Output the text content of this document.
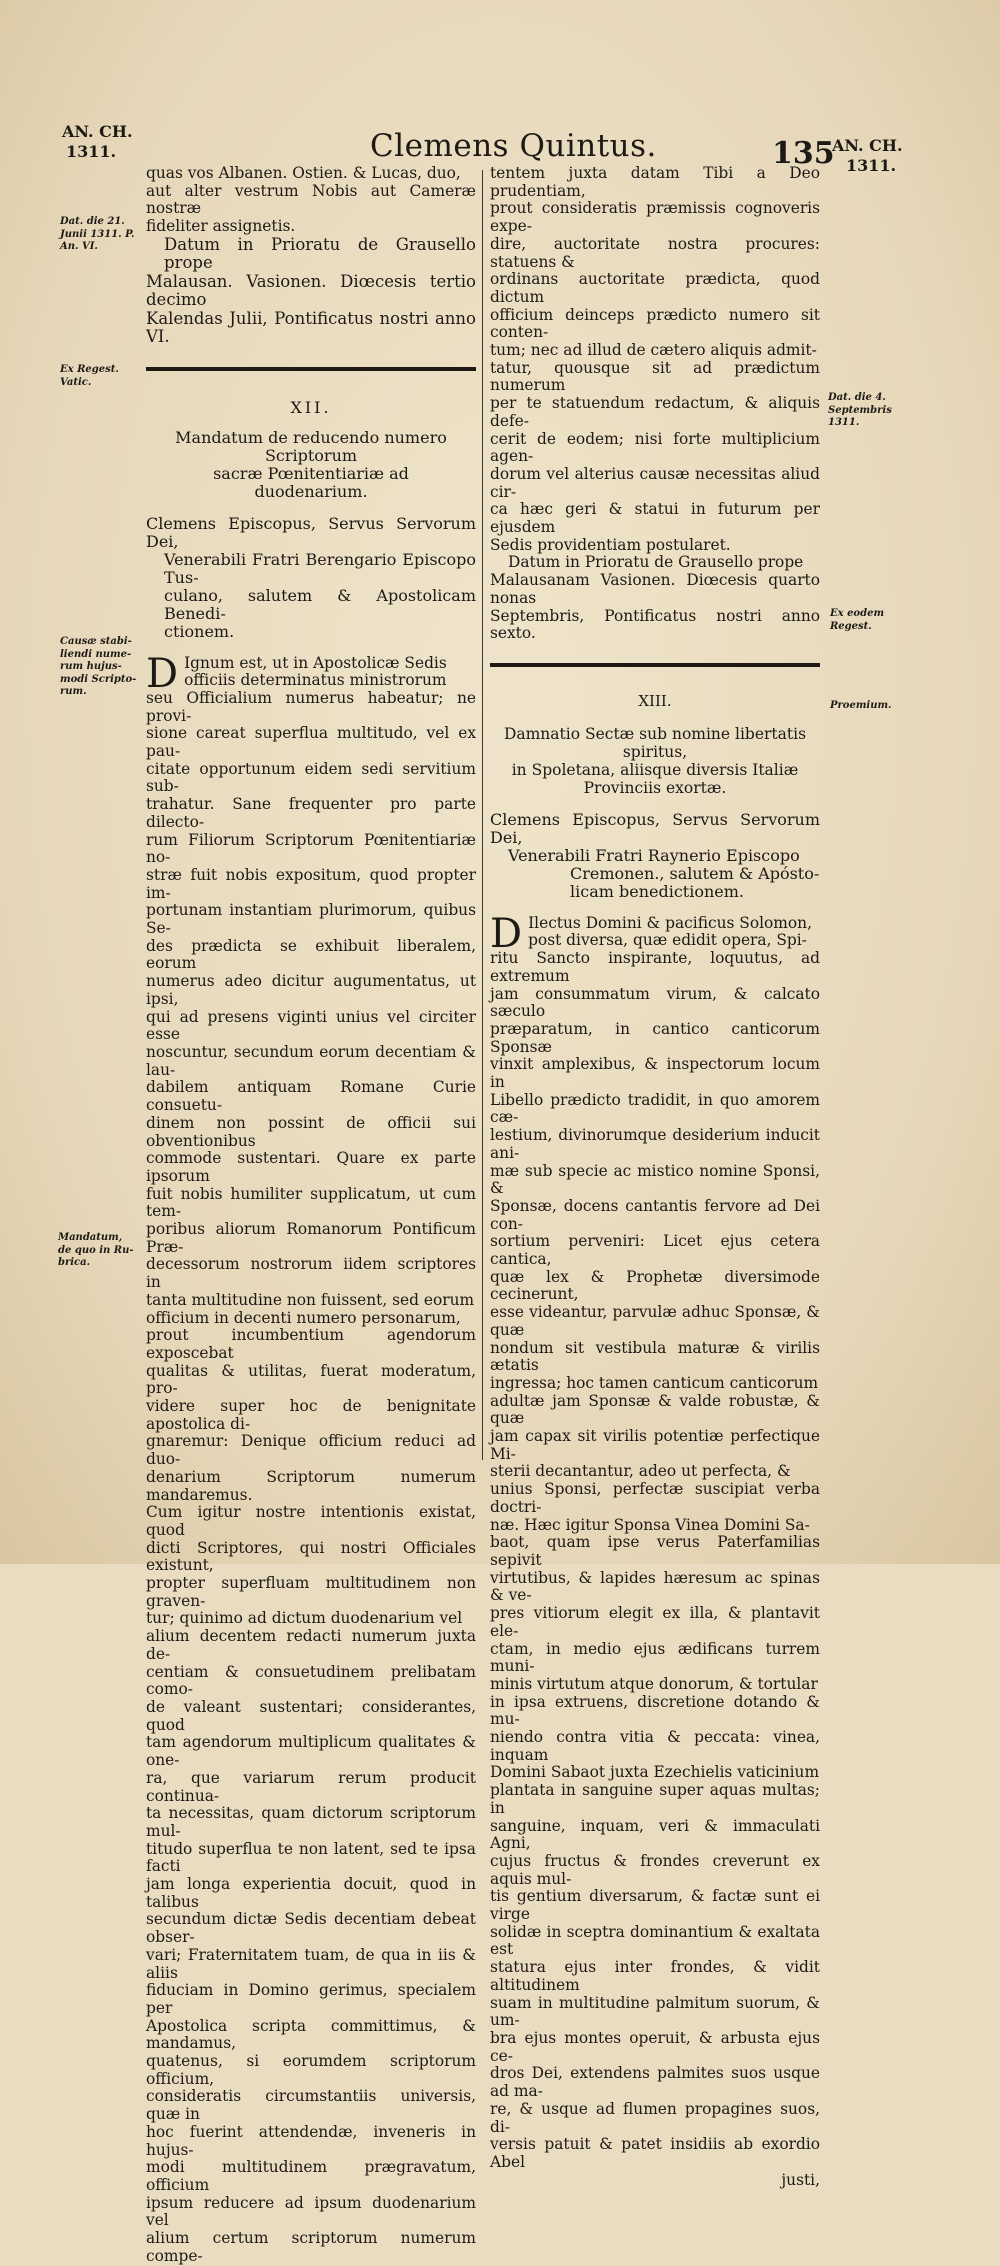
AN. CH.
1311.	Clemens Quintus.	135
AN. CH.
1311.
quas vos Albanen. Ostien. & Lucas, duo,
aut alter vestrum Nobis aut Cameræ nostræ
fideliter assignetis.
Datum in Prioratu de Grausello prope
Malausan. Vasionen. Diœcesis tertio decimo
Kalendas Julii, Pontificatus nostri anno VI.
XII.
Mandatum de reducendo numero Scriptorum
sacræ Pœnitentiariæ ad
duodenarium.
Clemens Episcopus, Servus Servorum Dei,
Venerabili Fratri Berengario Episcopo Tus-
culano, salutem & Apostolicam Benedi-
ctionem.
D Ignum est, ut in Apostolicæ Sedis
officiis determinatus ministrorum
seu Officialium numerus habeatur; ne provi-
sione careat superflua multitudo, vel ex pau-
citate opportunum eidem sedi servitium sub-
trahatur. Sane frequenter pro parte dilecto-
rum Filiorum Scriptorum Pœnitentiariæ no-
stræ fuit nobis expositum, quod propter im-
portunam instantiam plurimorum, quibus Se-
des prædicta se exhibuit liberalem, eorum
numerus adeo dicitur augumentatus, ut ipsi,
qui ad presens viginti unius vel circiter esse
noscuntur, secundum eorum decentiam & lau-
dabilem antiquam Romane Curie consuetu-
dinem non possint de officii sui obventionibus
commode sustentari. Quare ex parte ipsorum
fuit nobis humiliter supplicatum, ut cum tem-
poribus aliorum Romanorum Pontificum Præ-
decessorum nostrorum iidem scriptores in
tanta multitudine non fuissent, sed eorum
officium in decenti numero personarum,
prout incumbentium agendorum exposcebat
qualitas & utilitas, fuerat moderatum, pro-
videre super hoc de benignitate apostolica di-
gnaremur: Denique officium reduci ad duo-
denarium Scriptorum numerum mandaremus.
Cum igitur nostre intentionis existat, quod
dicti Scriptores, qui nostri Officiales existunt,
propter superfluam multitudinem non graven-
tur; quinimo ad dictum duodenarium vel
alium decentem redacti numerum juxta de-
centiam & consuetudinem prelibatam como-
de valeant sustentari; considerantes, quod
tam agendorum multiplicum qualitates & one-
ra, que variarum rerum producit continua-
ta necessitas, quam dictorum scriptorum mul-
titudo superflua te non latent, sed te ipsa facti
jam longa experientia docuit, quod in talibus
secundum dictæ Sedis decentiam debeat obser-
vari; Fraternitatem tuam, de qua in iis & aliis
fiduciam in Domino gerimus, specialem per
Apostolica scripta committimus, & mandamus,
quatenus, si eorumdem scriptorum officium,
consideratis circumstantiis universis, quæ in
hoc fuerint attendendæ, inveneris in hujus-
modi multitudinem prægravatum, officium
ipsum reducere ad ipsum duodenarium vel
alium certum scriptorum numerum compe-
tentem juxta datam Tibi a Deo prudentiam,
prout consideratis præmissis cognoveris expe-
dire, auctoritate nostra procures: statuens &
ordinans auctoritate prædicta, quod dictum
officium deinceps prædicto numero sit conten-
tum; nec ad illud de cætero aliquis admit-
tatur, quousque sit ad prædictum numerum
per te statuendum redactum, & aliquis defe-
cerit de eodem; nisi forte multiplicium agen-
dorum vel alterius causæ necessitas aliud cir-
ca hæc geri & statui in futurum per ejusdem
Sedis providentiam postularet.
Datum in Prioratu de Grausello prope
Malausanam Vasionen. Diœcesis quarto nonas
Septembris, Pontificatus nostri anno sexto.
XIII.
Damnatio Sectæ sub nomine libertatis spiritus,
in Spoletana, aliisque diversis Italiæ
Provinciis exortæ.
Clemens Episcopus, Servus Servorum Dei,
Venerabili Fratri Raynerio Episcopo
Cremonen., salutem & Apósto-
licam benedictionem.
D Ilectus Domini & pacificus Solomon,
post diversa, quæ edidit opera, Spi-
ritu Sancto inspirante, loquutus, ad extremum
jam consummatum virum, & calcato sæculo
præparatum, in cantico canticorum Sponsæ
vinxit amplexibus, & inspectorum locum in
Libello prædicto tradidit, in quo amorem cæ-
lestium, divinorumque desiderium inducit ani-
mæ sub specie ac mistico nomine Sponsi, &
Sponsæ, docens cantantis fervore ad Dei con-
sortium perveniri: Licet ejus cetera cantica,
quæ lex & Prophetæ diversimode cecinerunt,
esse videantur, parvulæ adhuc Sponsæ, & quæ
nondum sit vestibula maturæ & virilis ætatis
ingressa; hoc tamen canticum canticorum
adultæ jam Sponsæ & valde robustæ, & quæ
jam capax sit virilis potentiæ perfectique Mi-
sterii decantantur, adeo ut perfecta, &
unius Sponsi, perfectæ suscipiat verba doctri-
næ. Hæc igitur Sponsa Vinea Domini Sa-
baot, quam ipse verus Paterfamilias sepivit
virtutibus, & lapides hæresum ac spinas & ve-
pres vitiorum elegit ex illa, & plantavit ele-
ctam, in medio ejus ædificans turrem muni-
minis virtutum atque donorum, & tortular
in ipsa extruens, discretione dotando & mu-
niendo contra vitia & peccata: vinea, inquam
Domini Sabaot juxta Ezechielis vaticinium
plantata in sanguine super aquas multas; in
sanguine, inquam, veri & immaculati Agni,
cujus fructus & frondes creverunt ex aquis mul-
tis gentium diversarum, & factæ sunt ei virge
solidæ in sceptra dominantium & exaltata est
statura ejus inter frondes, & vidit altitudinem
suam in multitudine palmitum suorum, & um-
bra ejus montes operuit, & arbusta ejus ce-
dros Dei, extendens palmites suos usque ad ma-
re, & usque ad flumen propagines suos, di-
versis patuit & patet insidiis ab exordio Abel
justi,
Dat. die 21.
Junii 1311. P.
An. VI.
Ex Regest.
Vatic.
Causæ stabi-
liendi nume-
rum hujus-
modi Scripto-
rum.
Mandatum,
de quo in Ru-
brica.
Dat. die 4.
Septembris
1311.
Ex eodem
Regest.
Proemium.
